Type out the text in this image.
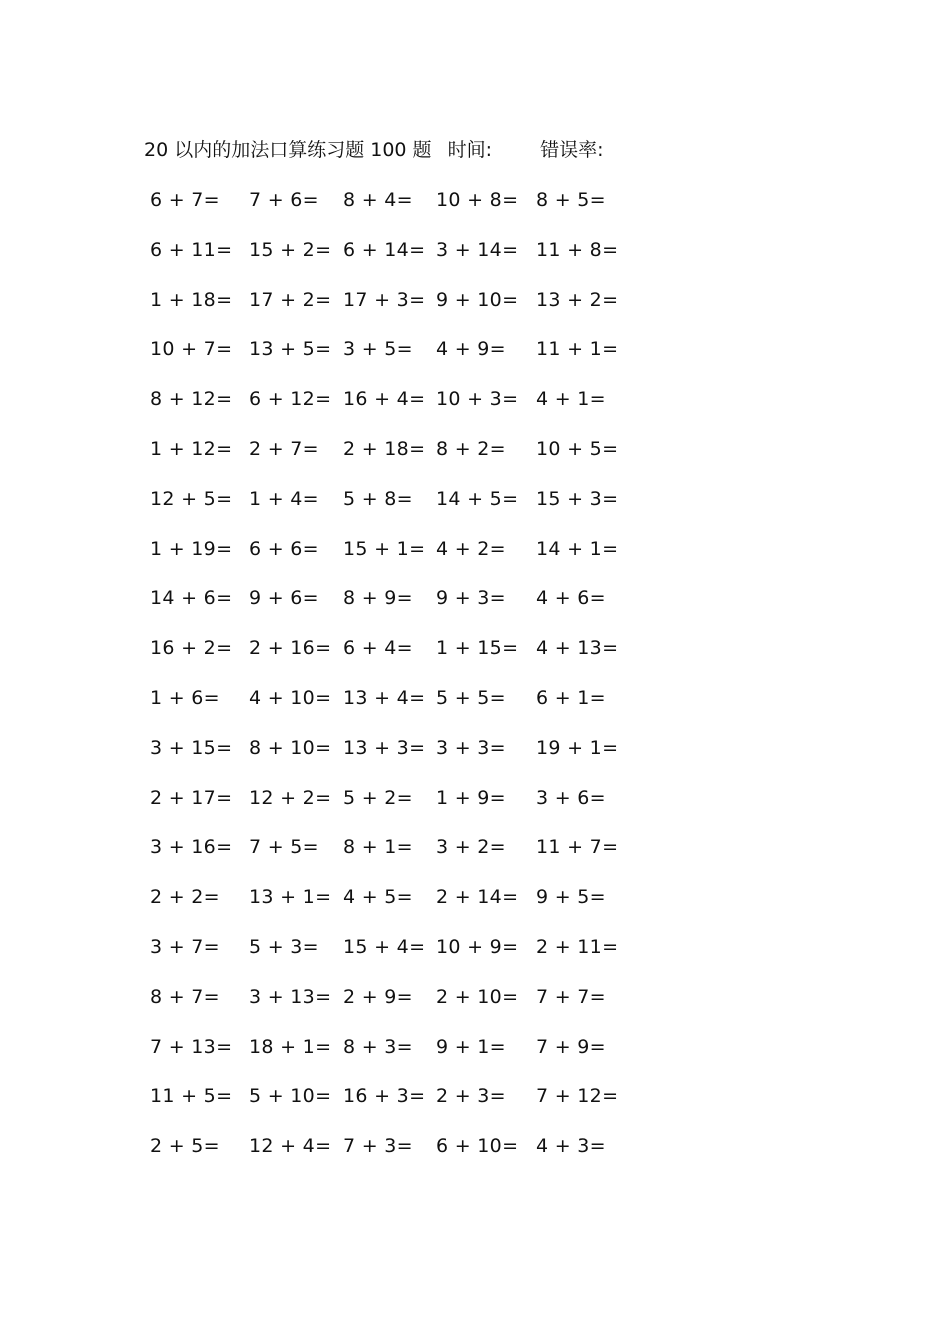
20 以内的加法口算练习题 100 题 时间:	错误率:
6 + 7=	7 + 6=	8 + 4=	10 + 8= 8 + 5=
6 + 11= 15 + 2= 6 + 14= 3 + 14= 11 + 8=
1 + 18= 17 + 2= 17 + 3= 9 + 10= 13 + 2=
10 + 7= 13 + 5= 3 + 5=	4 + 9=	11 + 1=
8 + 12= 6 + 12= 16 + 4= 10 + 3= 4 + 1=
1 + 12= 2 + 7=	2 + 18= 8 + 2=	10 + 5=
12 + 5= 1 + 4=	5 + 8=	14 + 5= 15 + 3=
1 + 19= 6 + 6=	15 + 1= 4 + 2=	14 + 1=
14 + 6= 9 + 6=	8 + 9=	9 + 3=	4 + 6=
16 + 2= 2 + 16= 6 + 4=	1 + 15= 4 + 13=
1 + 6=	4 + 10= 13 + 4= 5 + 5=	6 + 1=
3 + 15= 8 + 10= 13 + 3= 3 + 3=	19 + 1=
2 + 17= 12 + 2= 5 + 2=	1 + 9=	3 + 6=
3 + 16= 7 + 5=	8 + 1=	3 + 2=	11 + 7=
2 + 2=	13 + 1= 4 + 5=	2 + 14= 9 + 5=
3 + 7=	5 + 3=	15 + 4= 10 + 9= 2 + 11=
8 + 7=	3 + 13= 2 + 9=	2 + 10= 7 + 7=
7 + 13= 18 + 1= 8 + 3=	9 + 1=	7 + 9=
11 + 5= 5 + 10= 16 + 3= 2 + 3=	7 + 12=
2 + 5=	12 + 4= 7 + 3=	6 + 10= 4 + 3=
